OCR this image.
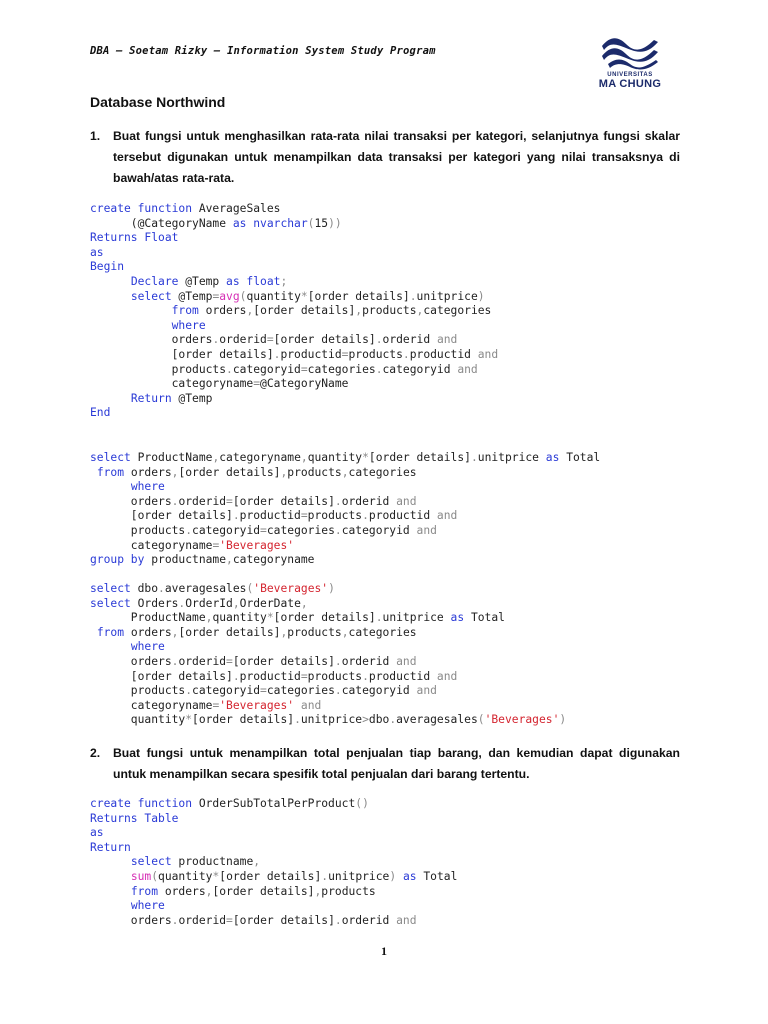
DBA – Soetam Rizky – Information System Study Program
UNIVERSITAS
MA CHUNG
Database Northwind
1. Buat fungsi untuk menghasilkan rata-rata nilai transaksi per kategori, selanjutnya fungsi skalar tersebut digunakan untuk menampilkan data transaksi per kategori yang nilai transaksnya di bawah/atas rata-rata.
create function AverageSales
(@CategoryName as nvarchar(15))
Returns Float
as
Begin
Declare @Temp as float;
select @Temp=avg(quantity*[order details].unitprice)
from orders,[order details],products,categories
where
orders.orderid=[order details].orderid and
[order details].productid=products.productid and
products.categoryid=categories.categoryid and
categoryname=@CategoryName
Return @Temp
End
select ProductName,categoryname,quantity*[order details].unitprice as Total
from orders,[order details],products,categories
where
orders.orderid=[order details].orderid and
[order details].productid=products.productid and
products.categoryid=categories.categoryid and
categoryname='Beverages'
group by productname,categoryname
select dbo.averagesales('Beverages')
select Orders.OrderId,OrderDate,
ProductName,quantity*[order details].unitprice as Total
from orders,[order details],products,categories
where
orders.orderid=[order details].orderid and
[order details].productid=products.productid and
products.categoryid=categories.categoryid and
categoryname='Beverages' and
quantity*[order details].unitprice>dbo.averagesales('Beverages')
2. Buat fungsi untuk menampilkan total penjualan tiap barang, dan kemudian dapat digunakan untuk menampilkan secara spesifik total penjualan dari barang tertentu.
create function OrderSubTotalPerProduct()
Returns Table
as
Return
select productname,
sum(quantity*[order details].unitprice) as Total
from orders,[order details],products
where
orders.orderid=[order details].orderid and
1
